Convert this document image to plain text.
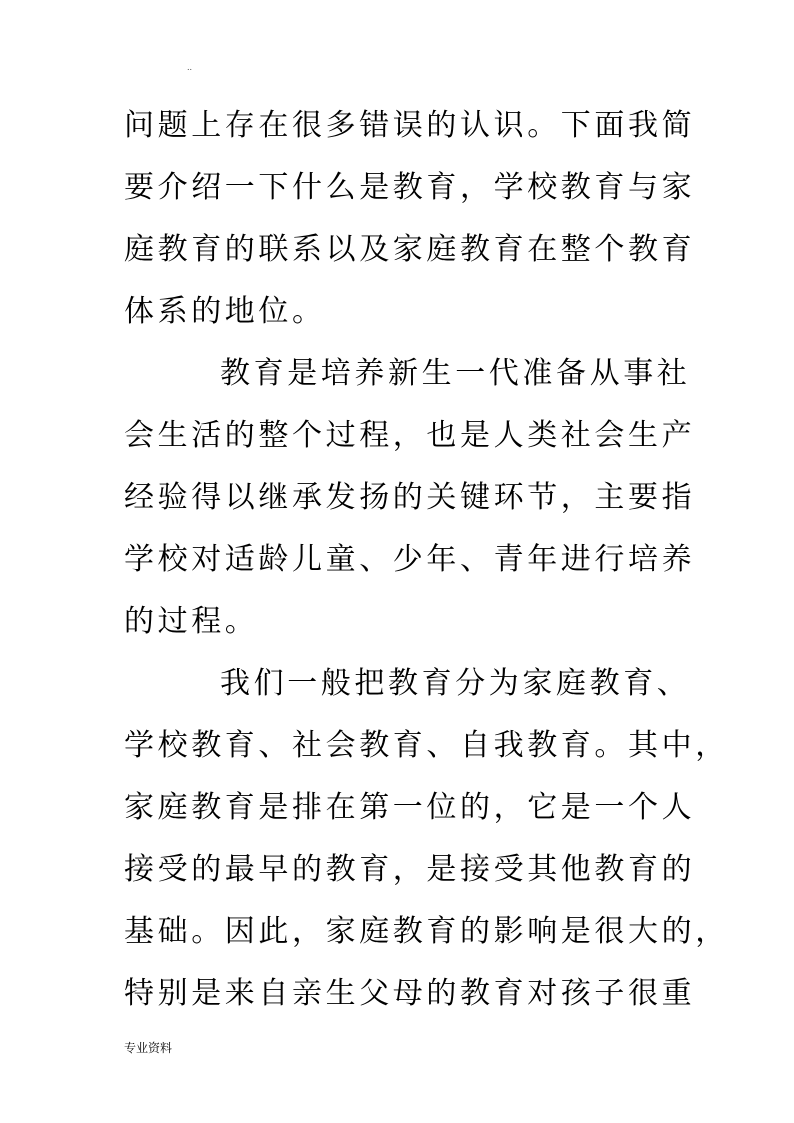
..
问题上存在很多错误的认识。下面我简
要介绍一下什么是教育，学校教育与家
庭教育的联系以及家庭教育在整个教育
体系的地位。
教育是培养新生一代准备从事社
会生活的整个过程，也是人类社会生产
经验得以继承发扬的关键环节，主要指
学校对适龄儿童、少年、青年进行培养
的过程。
我们一般把教育分为家庭教育、
学校教育、社会教育、自我教育。其中，
家庭教育是排在第一位的，它是一个人
接受的最早的教育，是接受其他教育的
基础。因此，家庭教育的影响是很大的，
特别是来自亲生父母的教育对孩子很重
专业资料
